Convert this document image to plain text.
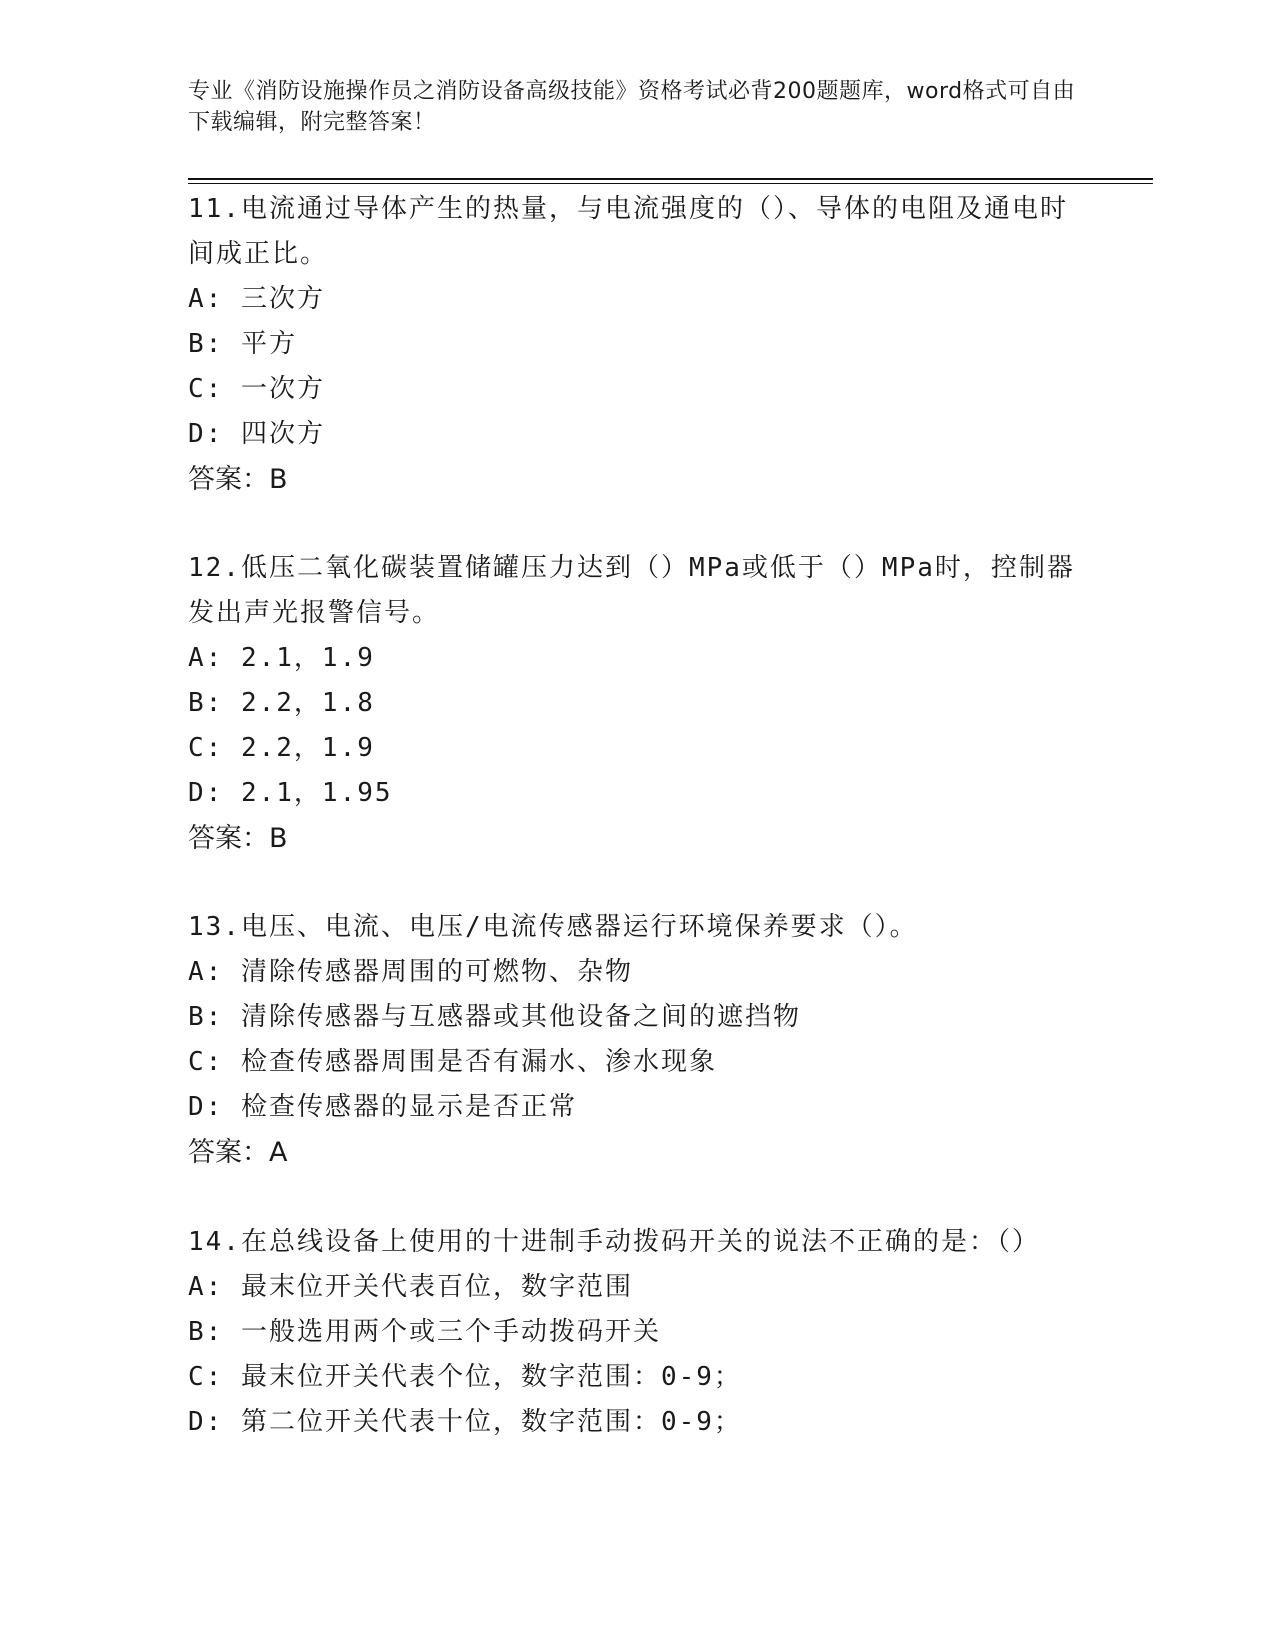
专业《消防设施操作员之消防设备高级技能》资格考试必背200题题库，word格式可自由下载编辑，附完整答案！

11.电流通过导体产生的热量，与电流强度的（）、导体的电阻及通电时间成正比。

A: 三次方

B: 平方

C: 一次方

D: 四次方

答案：B

12.低压二氧化碳装置储罐压力达到（）MPa或低于（）MPa时，控制器发出声光报警信号。

A: 2.1，1.9

B: 2.2，1.8

C: 2.2，1.9

D: 2.1，1.95

答案：B

13.电压、电流、电压/电流传感器运行环境保养要求（）。

A: 清除传感器周围的可燃物、杂物

B: 清除传感器与互感器或其他设备之间的遮挡物

C: 检查传感器周围是否有漏水、渗水现象

D: 检查传感器的显示是否正常

答案：A

14.在总线设备上使用的十进制手动拨码开关的说法不正确的是：（）

A: 最末位开关代表百位，数字范围

B: 一般选用两个或三个手动拨码开关

C: 最末位开关代表个位，数字范围：0-9；

D: 第二位开关代表十位，数字范围：0-9；
